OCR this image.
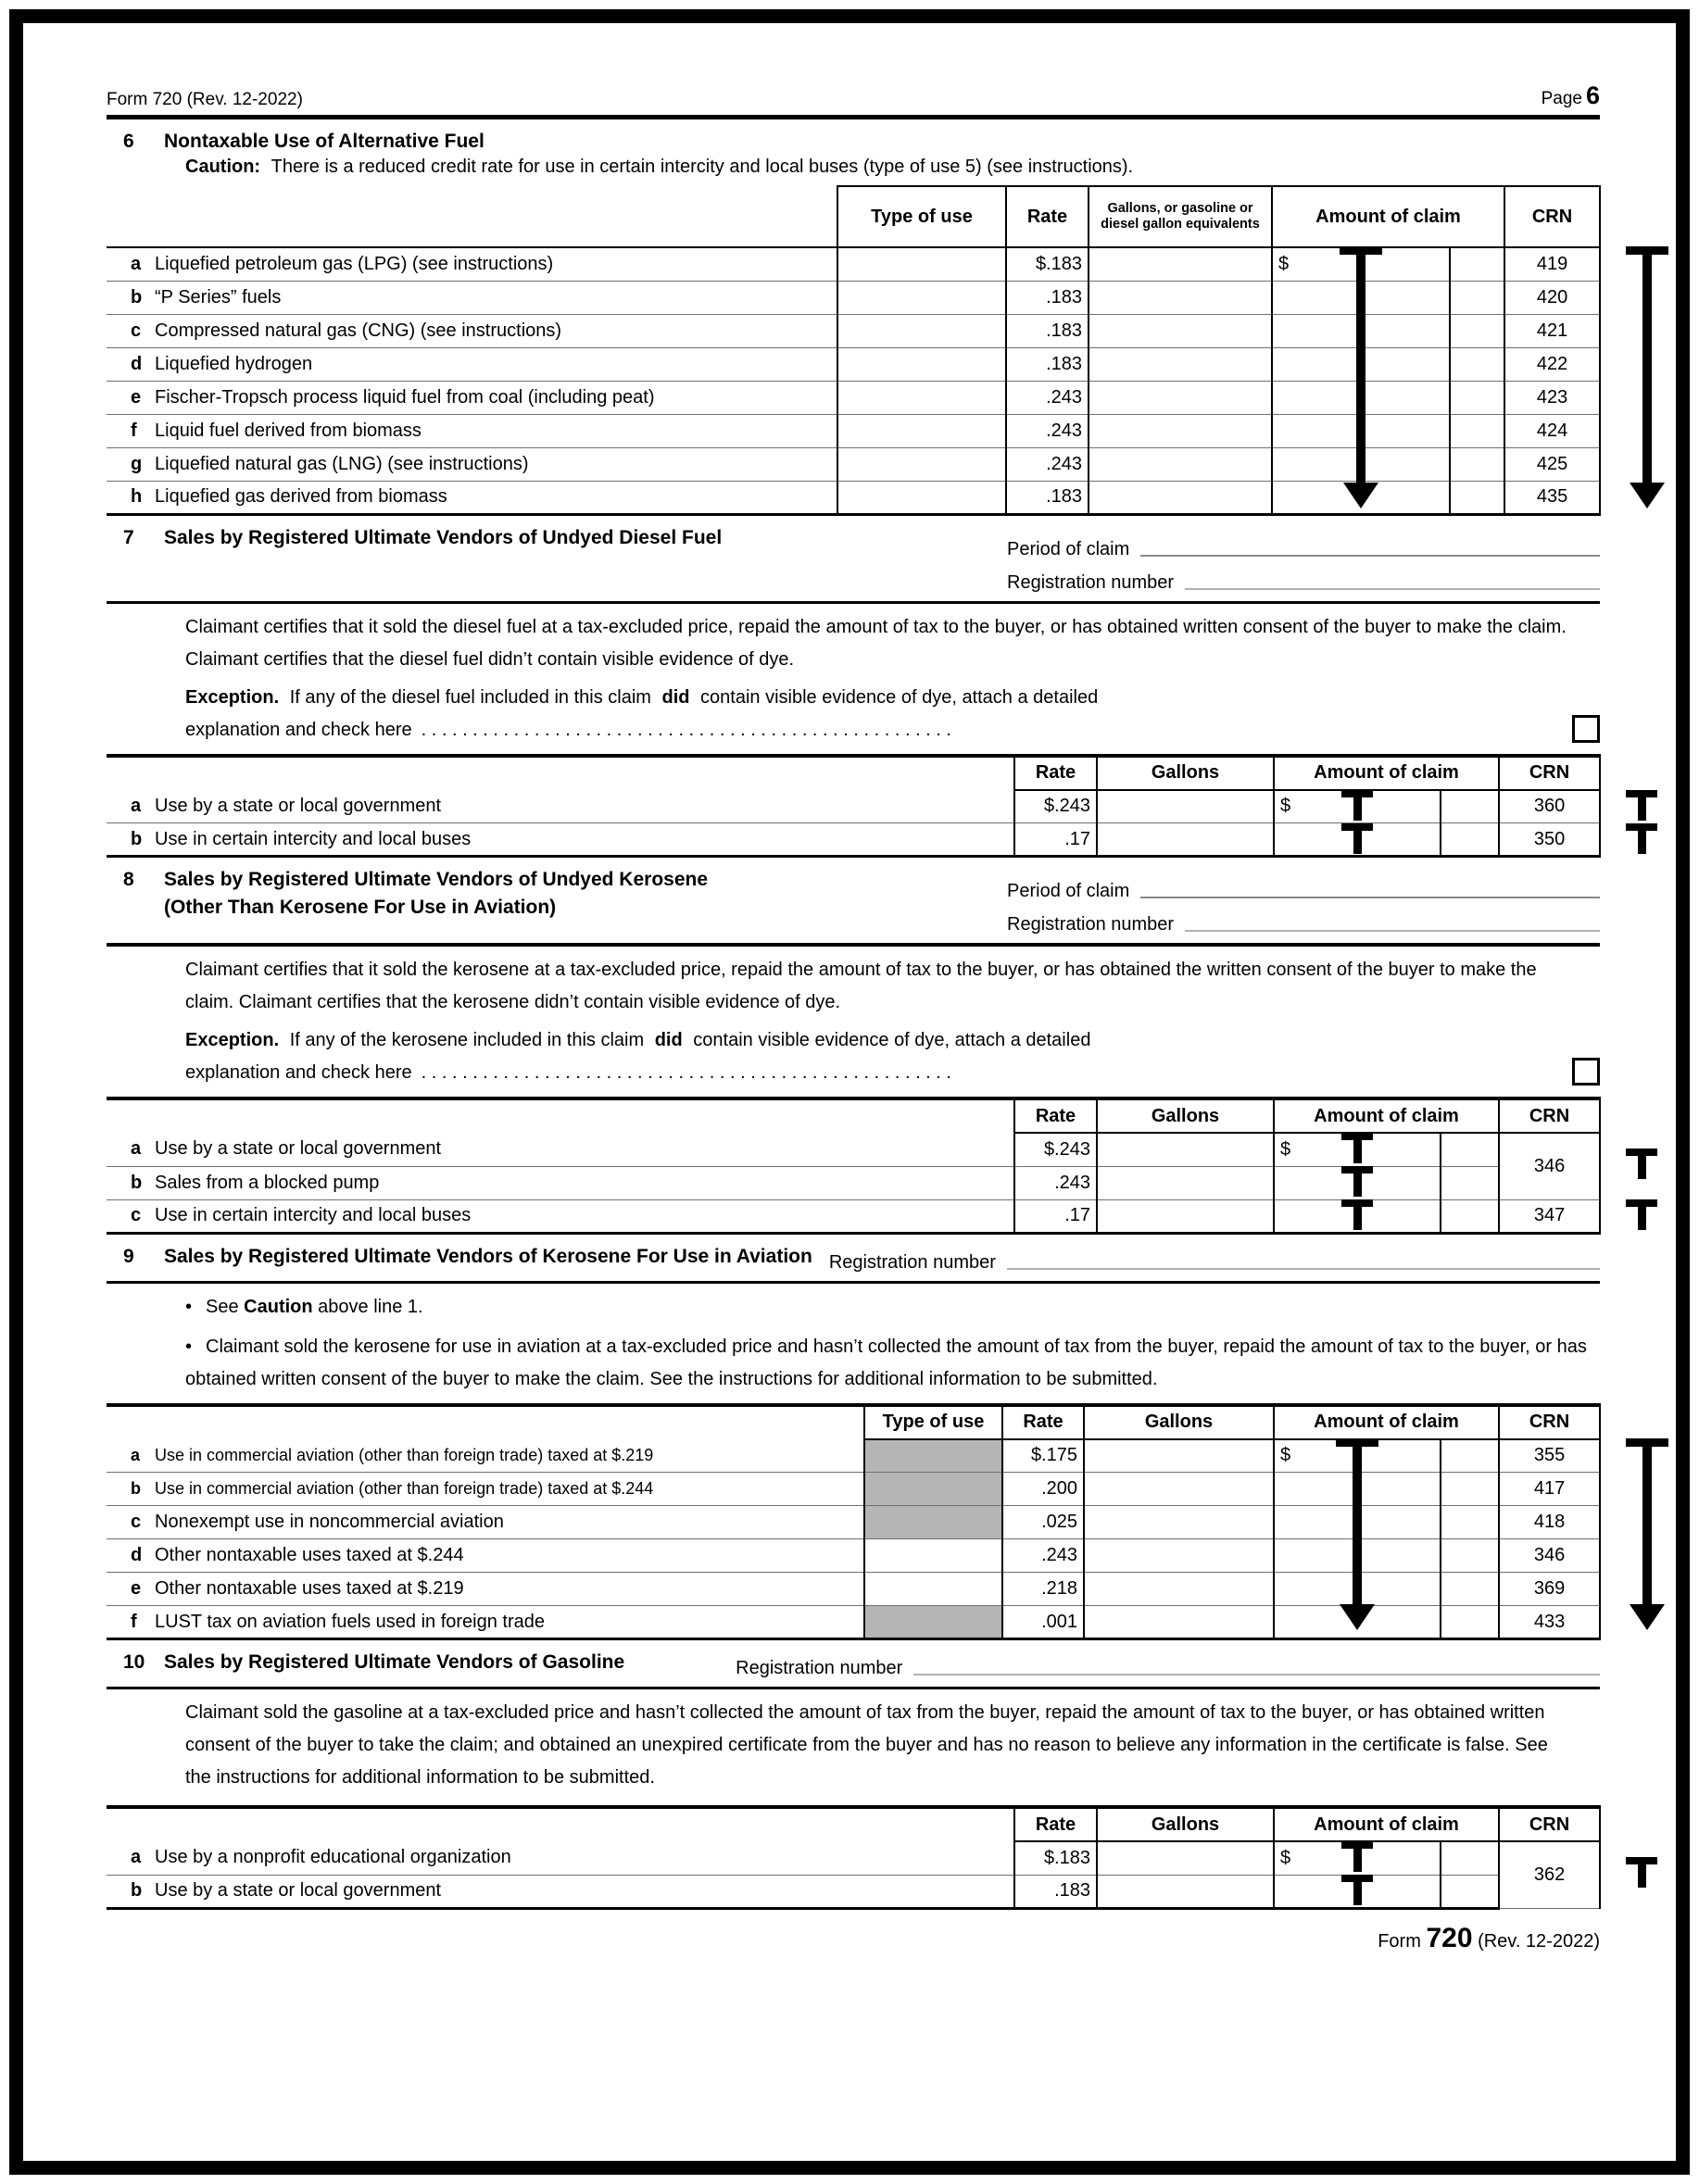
Form 720 (Rev. 12-2022)	Page 6
6 Nontaxable Use of Alternative Fuel
Caution: There is a reduced credit rate for use in certain intercity and local buses (type of use 5) (see instructions).
	Type of use	Rate	Gallons, or gasoline or diesel gallon equivalents	Amount of claim		CRN
a Liquefied petroleum gas (LPG) (see instructions)		$.183		$		419
b “P Series” fuels		.183				420
c Compressed natural gas (CNG) (see instructions)		.183				421
d Liquefied hydrogen		.183				422
e Fischer-Tropsch process liquid fuel from coal (including peat)		.243				423
f Liquid fuel derived from biomass		.243				424
g Liquefied natural gas (LNG) (see instructions)		.243				425
h Liquefied gas derived from biomass		.183				435
7 Sales by Registered Ultimate Vendors of Undyed Diesel Fuel
Period of claim
Registration number
Claimant certifies that it sold the diesel fuel at a tax-excluded price, repaid the amount of tax to the buyer, or has obtained written consent of the buyer to make the claim. Claimant certifies that the diesel fuel didn’t contain visible evidence of dye.
Exception. If any of the diesel fuel included in this claim did contain visible evidence of dye, attach a detailed
explanation and check here . . . . . . . . . . . . . . . . . . . . . . . . . . . . . . . . . . . . . . . . . . . . . . . . . . . .
	Rate	Gallons	Amount of claim		CRN
a Use by a state or local government	$.243		$		360
b Use in certain intercity and local buses	.17				350
8 Sales by Registered Ultimate Vendors of Undyed Kerosene
(Other Than Kerosene For Use in Aviation)
Period of claim
Registration number
Claimant certifies that it sold the kerosene at a tax-excluded price, repaid the amount of tax to the buyer, or has obtained the written consent of the buyer to make the claim. Claimant certifies that the kerosene didn’t contain visible evidence of dye.
Exception. If any of the kerosene included in this claim did contain visible evidence of dye, attach a detailed
explanation and check here . . . . . . . . . . . . . . . . . . . . . . . . . . . . . . . . . . . . . . . . . . . . . . . . . . . .
	Rate	Gallons	Amount of claim		CRN
a Use by a state or local government	$.243		$		346
b Sales from a blocked pump	.243				
c Use in certain intercity and local buses	.17				347
9 Sales by Registered Ultimate Vendors of Kerosene For Use in Aviation Registration number
• See Caution above line 1.
• Claimant sold the kerosene for use in aviation at a tax-excluded price and hasn’t collected the amount of tax from the buyer, repaid the amount of tax to the buyer, or has obtained written consent of the buyer to make the claim. See the instructions for additional information to be submitted.
	Type of use	Rate	Gallons	Amount of claim		CRN
a Use in commercial aviation (other than foreign trade) taxed at $.219		$.175		$		355
b Use in commercial aviation (other than foreign trade) taxed at $.244		.200				417
c Nonexempt use in noncommercial aviation		.025				418
d Other nontaxable uses taxed at $.244		.243				346
e Other nontaxable uses taxed at $.219		.218				369
f LUST tax on aviation fuels used in foreign trade		.001				433
10 Sales by Registered Ultimate Vendors of Gasoline	Registration number
Claimant sold the gasoline at a tax-excluded price and hasn’t collected the amount of tax from the buyer, repaid the amount of tax to the buyer, or has obtained written consent of the buyer to take the claim; and obtained an unexpired certificate from the buyer and has no reason to believe any information in the certificate is false. See the instructions for additional information to be submitted.
	Rate	Gallons	Amount of claim		CRN
a Use by a nonprofit educational organization	$.183		$		362
b Use by a state or local government	.183				
Form 720 (Rev. 12-2022)
